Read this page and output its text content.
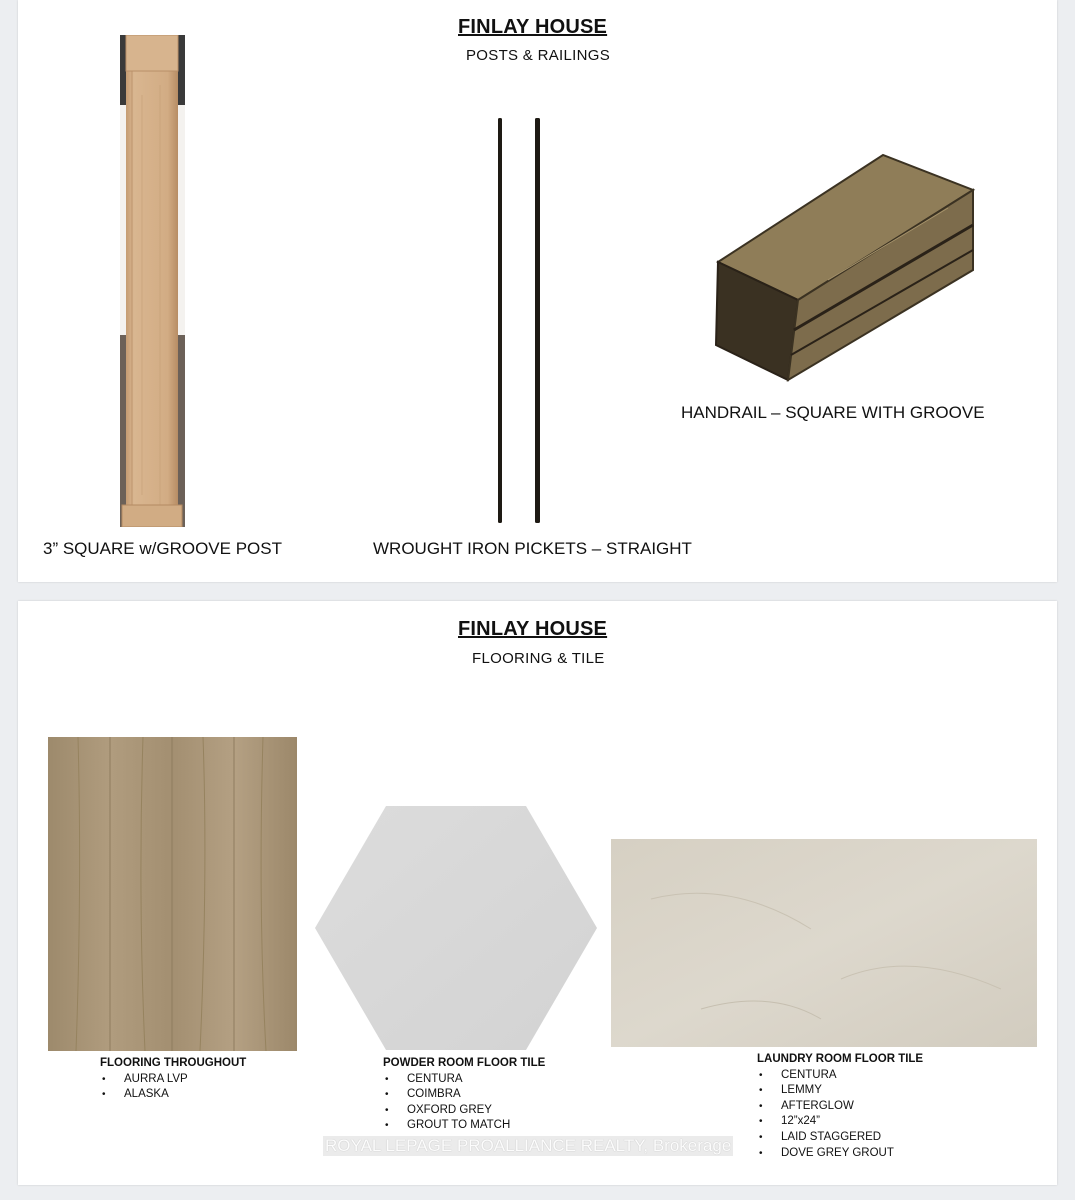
FINLAY HOUSE
POSTS & RAILINGS
3” SQUARE w/GROOVE POST	WROUGHT IRON PICKETS – STRAIGHT
HANDRAIL – SQUARE WITH GROOVE
FINLAY HOUSE
FLOORING & TILE
FLOORING THROUGHOUT
• AURRA LVP
• ALASKA
POWDER ROOM FLOOR TILE
• CENTURA
• COIMBRA
• OXFORD GREY
• GROUT TO MATCH
LAUNDRY ROOM FLOOR TILE
• CENTURA
• LEMMY
• AFTERGLOW
• 12”x24”
• LAID STAGGERED
• DOVE GREY GROUT
ROYAL LEPAGE PROALLIANCE REALTY, Brokerage
